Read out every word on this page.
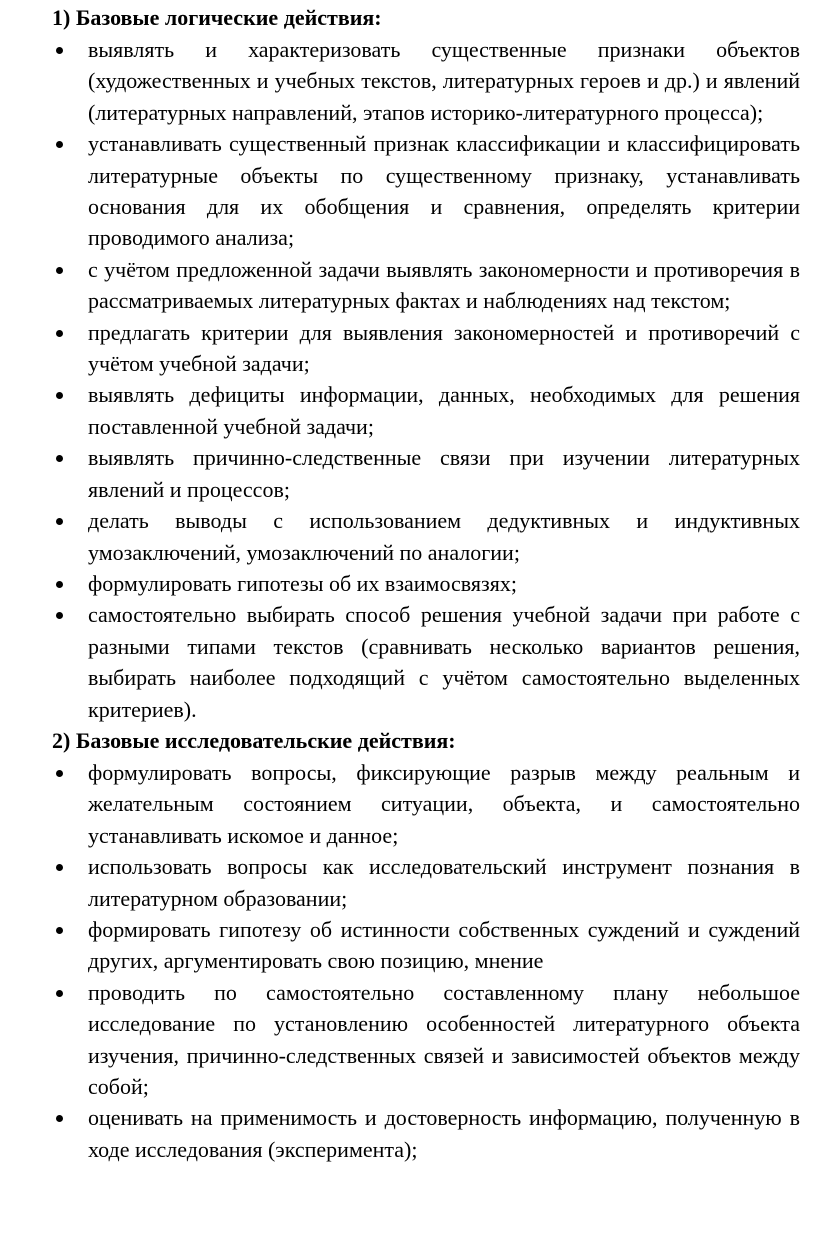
1) Базовые логические действия:
выявлять и характеризовать существенные признаки объектов (художественных и учебных текстов, литературных героев и др.) и явлений (литературных направлений, этапов историко-литературного процесса);
устанавливать существенный признак классификации и классифицировать литературные объекты по существенному признаку, устанавливать основания для их обобщения и сравнения, определять критерии проводимого анализа;
с учётом предложенной задачи выявлять закономерности и противоречия в рассматриваемых литературных фактах и наблюдениях над текстом;
предлагать критерии для выявления закономерностей и противоречий с учётом учебной задачи;
выявлять дефициты информации, данных, необходимых для решения поставленной учебной задачи;
выявлять причинно-следственные связи при изучении литературных явлений и процессов;
делать выводы с использованием дедуктивных и индуктивных умозаключений, умозаключений по аналогии;
формулировать гипотезы об их взаимосвязях;
самостоятельно выбирать способ решения учебной задачи при работе с разными типами текстов (сравнивать несколько вариантов решения, выбирать наиболее подходящий с учётом самостоятельно выделенных критериев).
2) Базовые исследовательские действия:
формулировать вопросы, фиксирующие разрыв между реальным и желательным состоянием ситуации, объекта, и самостоятельно устанавливать искомое и данное;
использовать вопросы как исследовательский инструмент познания в литературном образовании;
формировать гипотезу об истинности собственных суждений и суждений других, аргументировать свою позицию, мнение
проводить по самостоятельно составленному плану небольшое исследование по установлению особенностей литературного объекта изучения, причинно-следственных связей и зависимостей объектов между собой;
оценивать на применимость и достоверность информацию, полученную в ходе исследования (эксперимента);
